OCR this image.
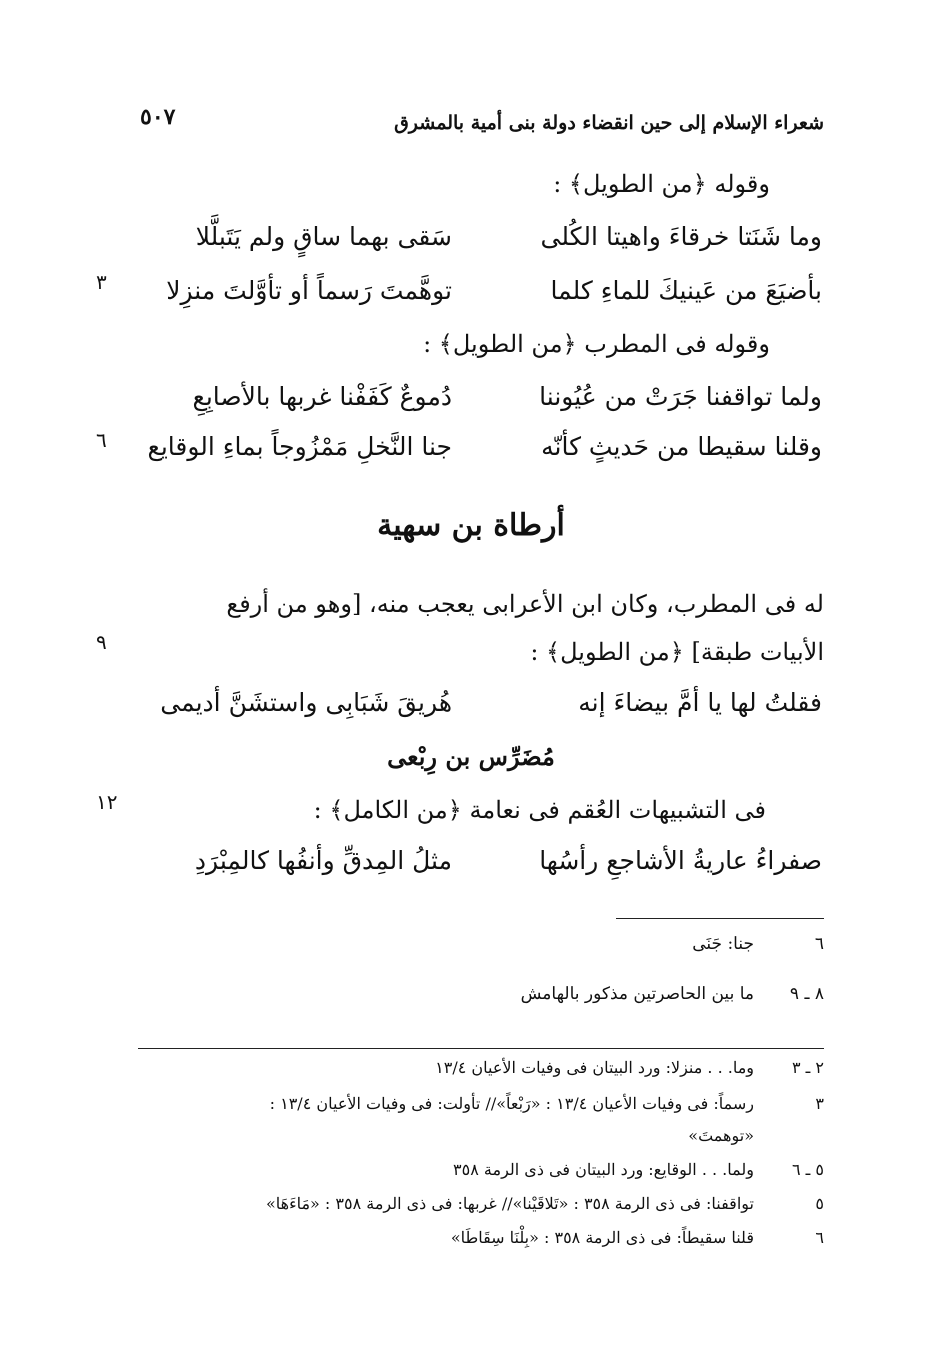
٥٠٧	شعراء الإسلام إلى حين انقضاء دولة بنى أمية بالمشرق
وقوله ﴿من الطويل﴾ :
وما شَنَتا خرقاءَ واهيتا الكُلى
سَقى بهما ساقٍ ولم يَتَبلَّلا
بأضيَعَ من عَينيكَ للماءِ كلما
توهَّمتَ رَسماً أو تأوَّلتَ منزِلا
٣
وقوله فى المطرب ﴿من الطويل﴾ :
ولما تواقفنا جَرَتْ من عُيُوننا
دُموعٌ كَفَفْنا غربها بالأصابِعِ
وقلنا سقيطا من حَديثٍ كأنّه
جنا النَّخلِ مَمْزُوجاً بماءِ الوقايع
٦
أرطاة بن سهية
له فى المطرب، وكان ابن الأعرابى يعجب منه، [وهو من أرفع
الأبيات طبقة] ﴿من الطويل﴾ :
٩
فقلتُ لها يا أمَّ بيضاءَ إنه
هُريقَ شَبَابِى واستشَنَّ أديمى
مُضَرِّس بن رِبْعى
فى التشبيهات العُقم فى نعامة ﴿من الكامل﴾ :
١٢
صفراءُ عاريةُ الأشاجعِ رأسُها
مثلُ المِدقِّ وأنفُها كالمِبْرَدِ
٦
جنا: جَنَى
٨ ـ ٩
ما بين الحاصرتين مذكور بالهامش
٢ ـ ٣
وما. . . منزلا: ورد البيتان فى وفيات الأعيان ١٣/٤
٣
رسماً: فى وفيات الأعيان ١٣/٤ : «رَبْعاً»// تأولت: فى وفيات الأعيان ١٣/٤ :
«توهمتَ»
٥ ـ ٦
ولما. . . الوقايع: ورد البيتان فى ذى الرمة ٣٥٨
٥
تواقفنا: فى ذى الرمة ٣٥٨ : «تَلاقَيْنا»// غربها: فى ذى الرمة ٣٥٨ : «مَاءَهَا»
٦
قلنا سقيطاً: فى ذى الرمة ٣٥٨ : «بِلْنَا سِقَاطَا»
